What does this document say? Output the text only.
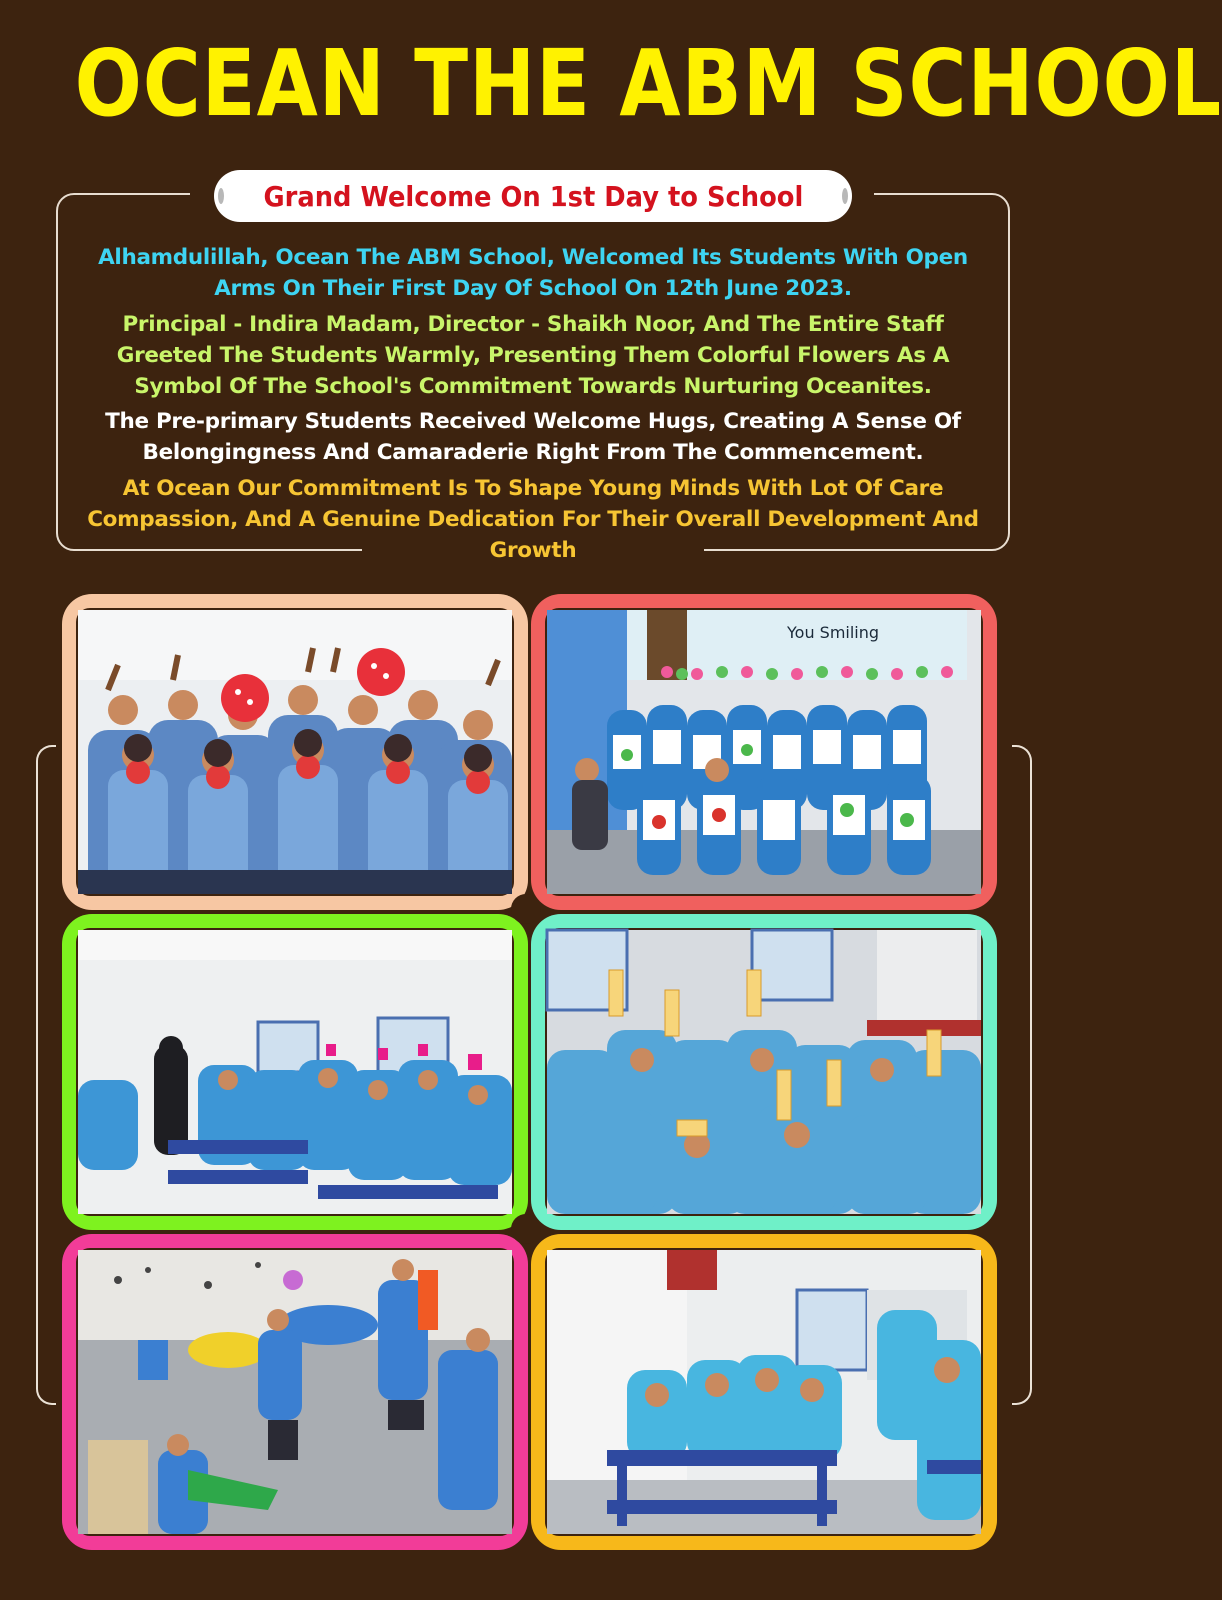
OCEAN THE ABM SCHOOL
Grand Welcome On 1st Day to School
Alhamdulillah, Ocean The ABM School, Welcomed Its Students With Open Arms On Their First Day Of School On 12th June 2023.
Principal - Indira Madam, Director - Shaikh Noor, And The Entire Staff Greeted The Students Warmly, Presenting Them Colorful Flowers As A Symbol Of The School's Commitment Towards Nurturing Oceanites.
The Pre-primary Students Received Welcome Hugs, Creating A Sense Of Belongingness And Camaraderie Right From The Commencement.
At Ocean Our Commitment Is To Shape Young Minds With Lot Of Care Compassion, And A Genuine Dedication For Their Overall Development And Growth
You Smiling
